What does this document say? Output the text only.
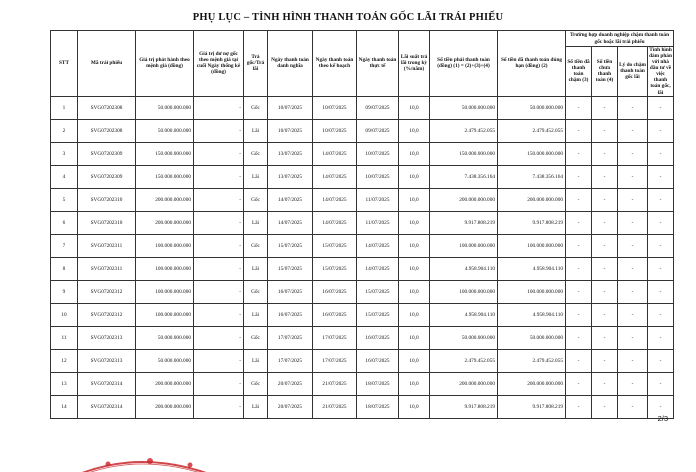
PHỤ LỤC – TÌNH HÌNH THANH TOÁN GỐC LÃI TRÁI PHIẾU
STT	Mã trái phiếu	Giá trị phát hành theo mệnh giá (đồng)	Giá trị dư nợ gốc theo mệnh giá tại cuối Ngày thống kê (đồng)	Trả gốc/Trả lãi	Ngày thanh toán danh nghĩa	Ngày thanh toán theo kế hoạch	Ngày thanh toán thực tế	Lãi suất trả lãi trong kỳ (%/năm)	Số tiền phải thanh toán (đồng) (1) = (2)+(3)+(4)	Số tiền đã thanh toán đúng hạn (đồng) (2)	Trường hợp doanh nghiệp chậm thanh toán gốc hoặc lãi trái phiếu			
											Số tiền đã thanh toán chậm (3)	Số tiền chưa thanh toán (4)	Lý do chậm thanh toán gốc lãi	Tình hình đàm phán với nhà đầu tư về việc thanh toán gốc, lãi
1	SVG07202308	50.000.000.000	-	Gốc	10/07/2025	10/07/2025	09/07/2025	10,0	50.000.000.000	50.000.000.000	-	-	-	-
2	SVG07202308	50.000.000.000	-	Lãi	10/07/2025	10/07/2025	09/07/2025	10,0	2.479.452.055	2.479.452.055	-	-	-	-
3	SVG07202309	150.000.000.000	-	Gốc	13/07/2025	14/07/2025	10/07/2025	10,0	150.000.000.000	150.000.000.000	-	-	-	-
4	SVG07202309	150.000.000.000	-	Lãi	13/07/2025	14/07/2025	10/07/2025	10,0	7.438.356.164	7.438.356.164	-	-	-	-
5	SVG07202310	200.000.000.000	-	Gốc	14/07/2025	14/07/2025	11/07/2025	10,0	200.000.000.000	200.000.000.000	-	-	-	-
6	SVG07202310	200.000.000.000	-	Lãi	14/07/2025	14/07/2025	11/07/2025	10,0	9.917.808.219	9.917.808.219	-	-	-	-
7	SVG07202311	100.000.000.000	-	Gốc	15/07/2025	15/07/2025	14/07/2025	10,0	100.000.000.000	100.000.000.000	-	-	-	-
8	SVG07202311	100.000.000.000	-	Lãi	15/07/2025	15/07/2025	14/07/2025	10,0	4.958.904.110	4.958.904.110	-	-	-	-
9	SVG07202312	100.000.000.000	-	Gốc	16/07/2025	16/07/2025	15/07/2025	10,0	100.000.000.000	100.000.000.000	-	-	-	-
10	SVG07202312	100.000.000.000	-	Lãi	16/07/2025	16/07/2025	15/07/2025	10,0	4.958.904.110	4.958.904.110	-	-	-	-
11	SVG07202313	50.000.000.000	-	Gốc	17/07/2025	17/07/2025	16/07/2025	10,0	50.000.000.000	50.000.000.000	-	-	-	-
12	SVG07202313	50.000.000.000	-	Lãi	17/07/2025	17/07/2025	16/07/2025	10,0	2.479.452.055	2.479.452.055	-	-	-	-
13	SVG07202314	200.000.000.000	-	Gốc	20/07/2025	21/07/2025	18/07/2025	10,0	200.000.000.000	200.000.000.000	-	-	-	-
14	SVG07202314	200.000.000.000	-	Lãi	20/07/2025	21/07/2025	18/07/2025	10,0	9.917.808.219	9.917.808.219	-	-	-	-
2/3
